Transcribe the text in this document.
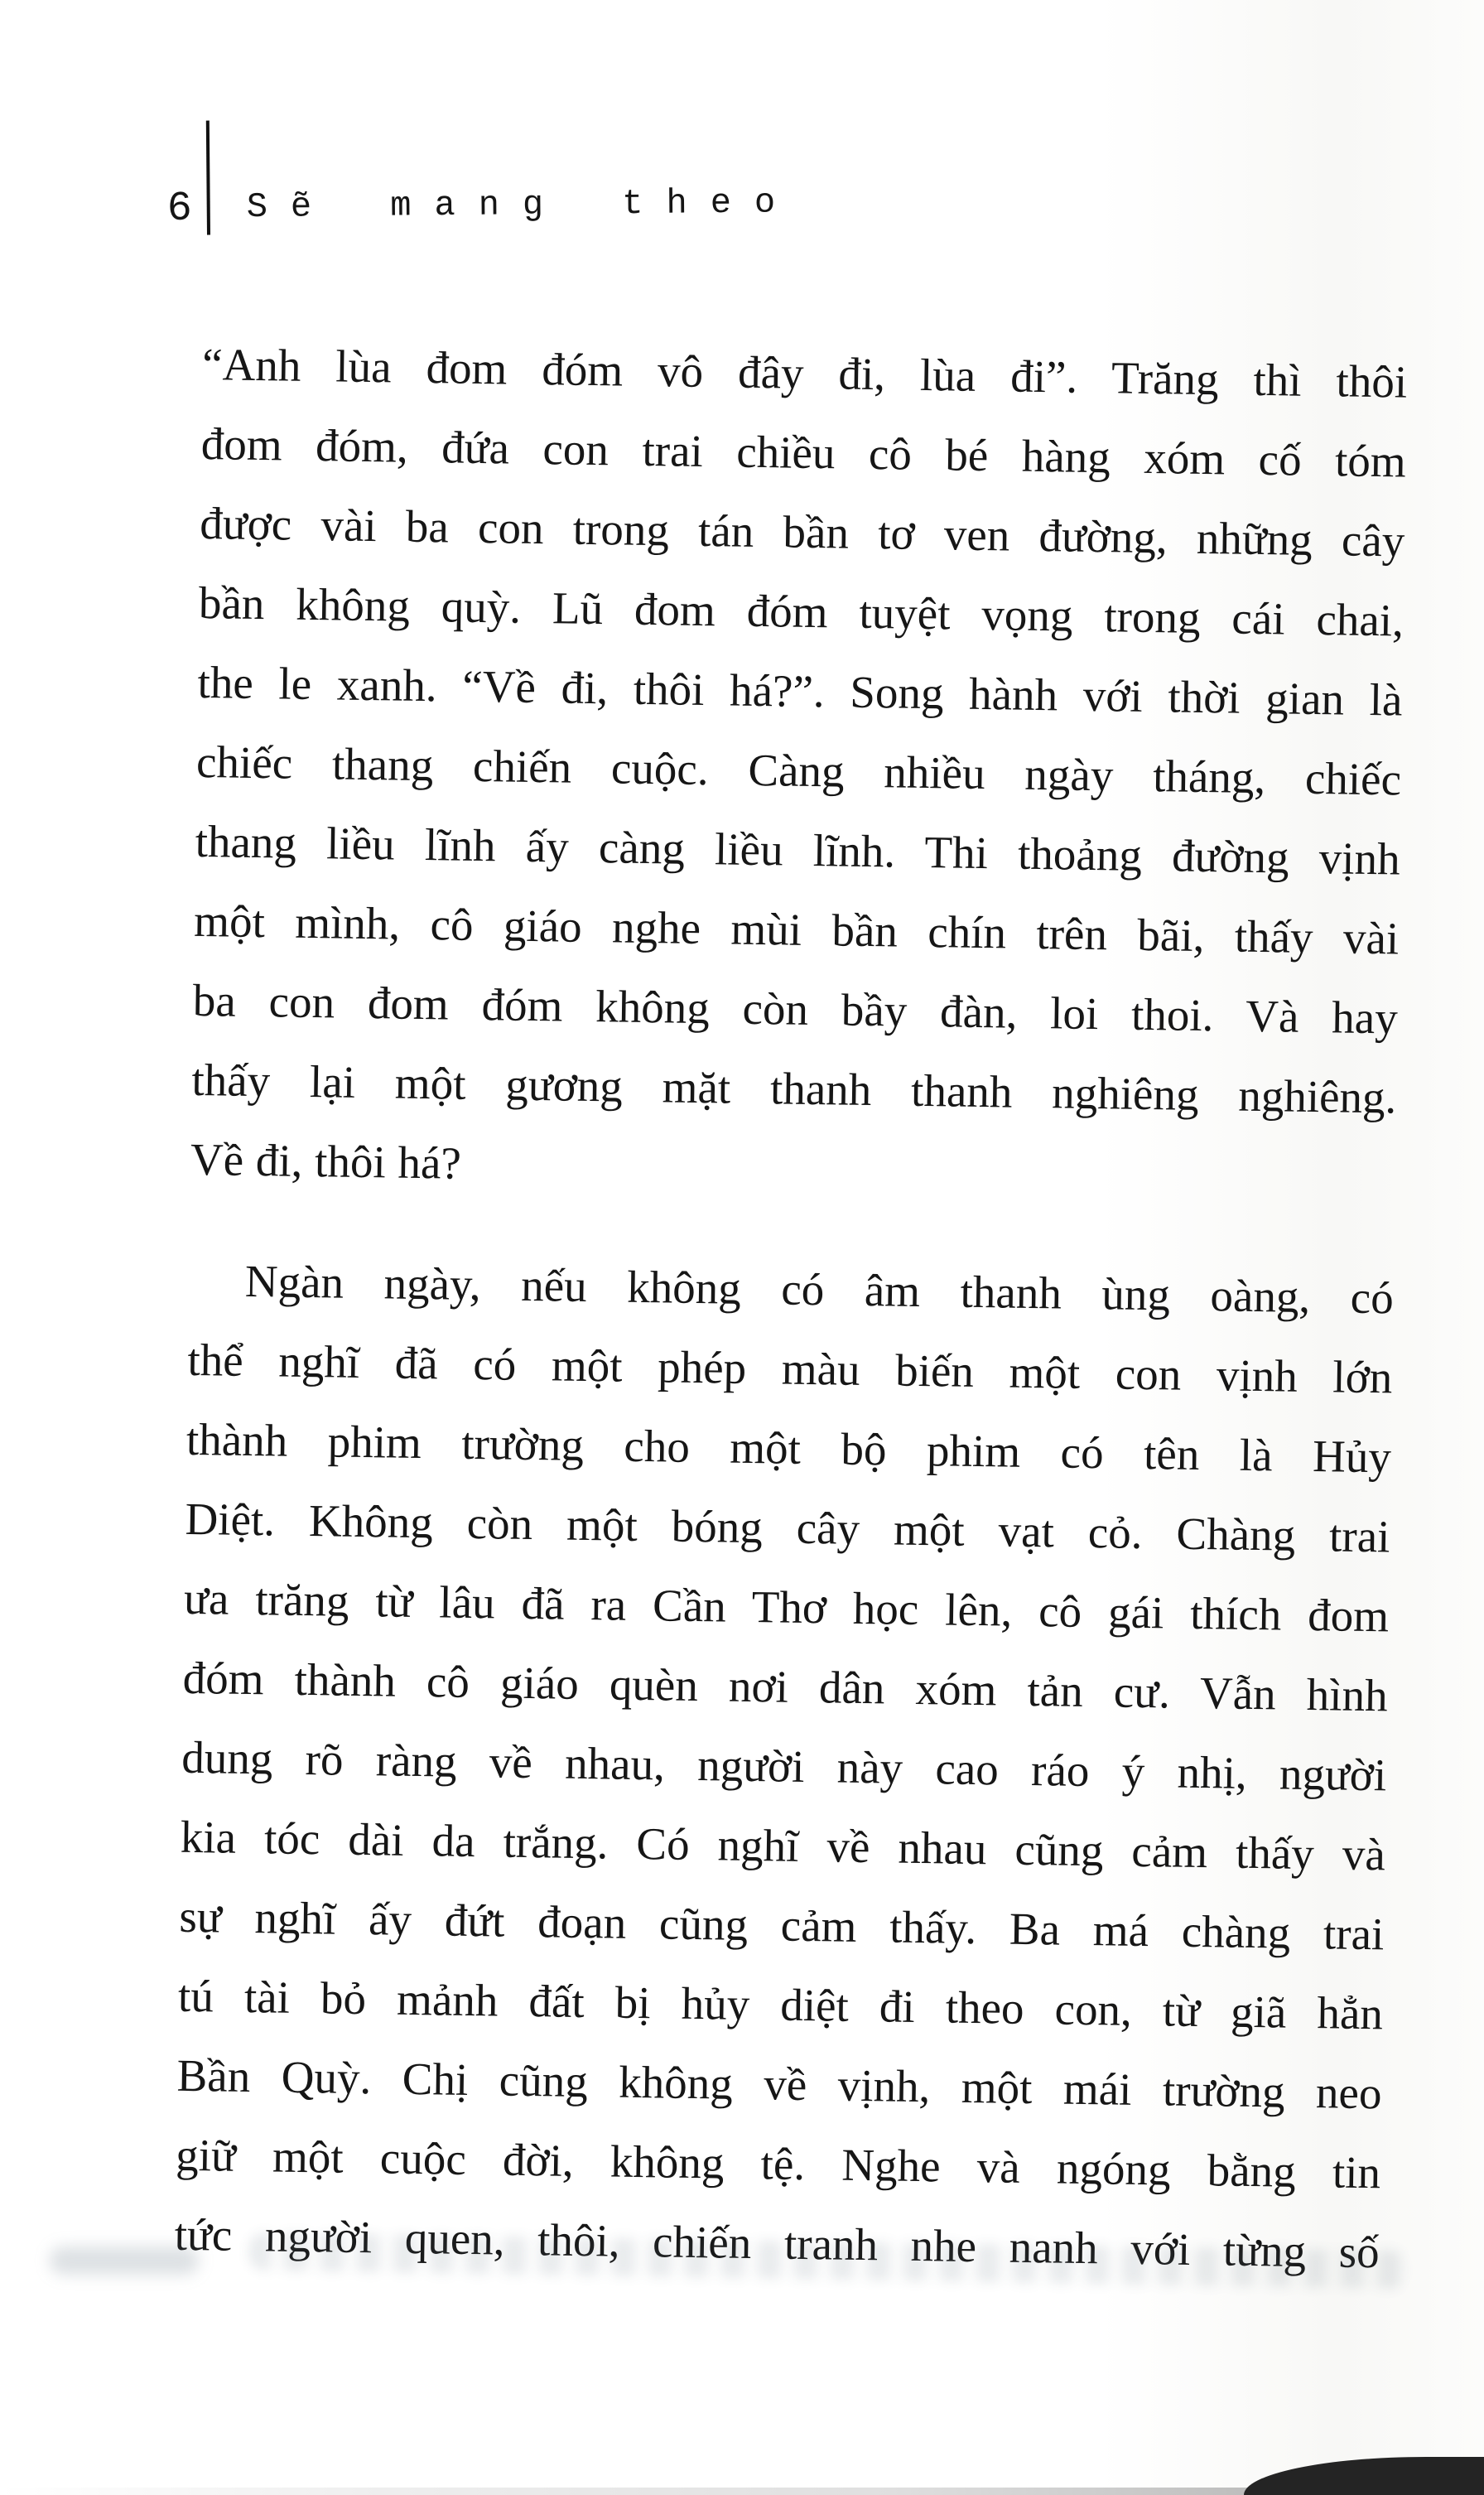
6 Sẽ mang theo
“Anh lùa đom đóm vô đây đi, lùa đi”. Trăng thì thôi
đom đóm, đứa con trai chiều cô bé hàng xóm cố tóm
được vài ba con trong tán bần tơ ven đường, những cây
bần không quỳ. Lũ đom đóm tuyệt vọng trong cái chai,
the le xanh. “Về đi, thôi há?”. Song hành với thời gian là
chiếc thang chiến cuộc. Càng nhiều ngày tháng, chiếc
thang liều lĩnh ấy càng liều lĩnh. Thi thoảng đường vịnh
một mình, cô giáo nghe mùi bần chín trên bãi, thấy vài
ba con đom đóm không còn bầy đàn, loi thoi. Và hay
thấy lại một gương mặt thanh thanh nghiêng nghiêng.
Về đi, thôi há?
Ngàn ngày, nếu không có âm thanh ùng oàng, có
thể nghĩ đã có một phép màu biến một con vịnh lớn
thành phim trường cho một bộ phim có tên là Hủy
Diệt. Không còn một bóng cây một vạt cỏ. Chàng trai
ưa trăng từ lâu đã ra Cần Thơ học lên, cô gái thích đom
đóm thành cô giáo quèn nơi dân xóm tản cư. Vẫn hình
dung rõ ràng về nhau, người này cao ráo ý nhị, người
kia tóc dài da trắng. Có nghĩ về nhau cũng cảm thấy và
sự nghĩ ấy đứt đoạn cũng cảm thấy. Ba má chàng trai
tú tài bỏ mảnh đất bị hủy diệt đi theo con, từ giã hẳn
Bần Quỳ. Chị cũng không về vịnh, một mái trường neo
giữ một cuộc đời, không tệ. Nghe và ngóng bằng tin
tức người quen, thôi, chiến tranh nhe nanh với từng số
